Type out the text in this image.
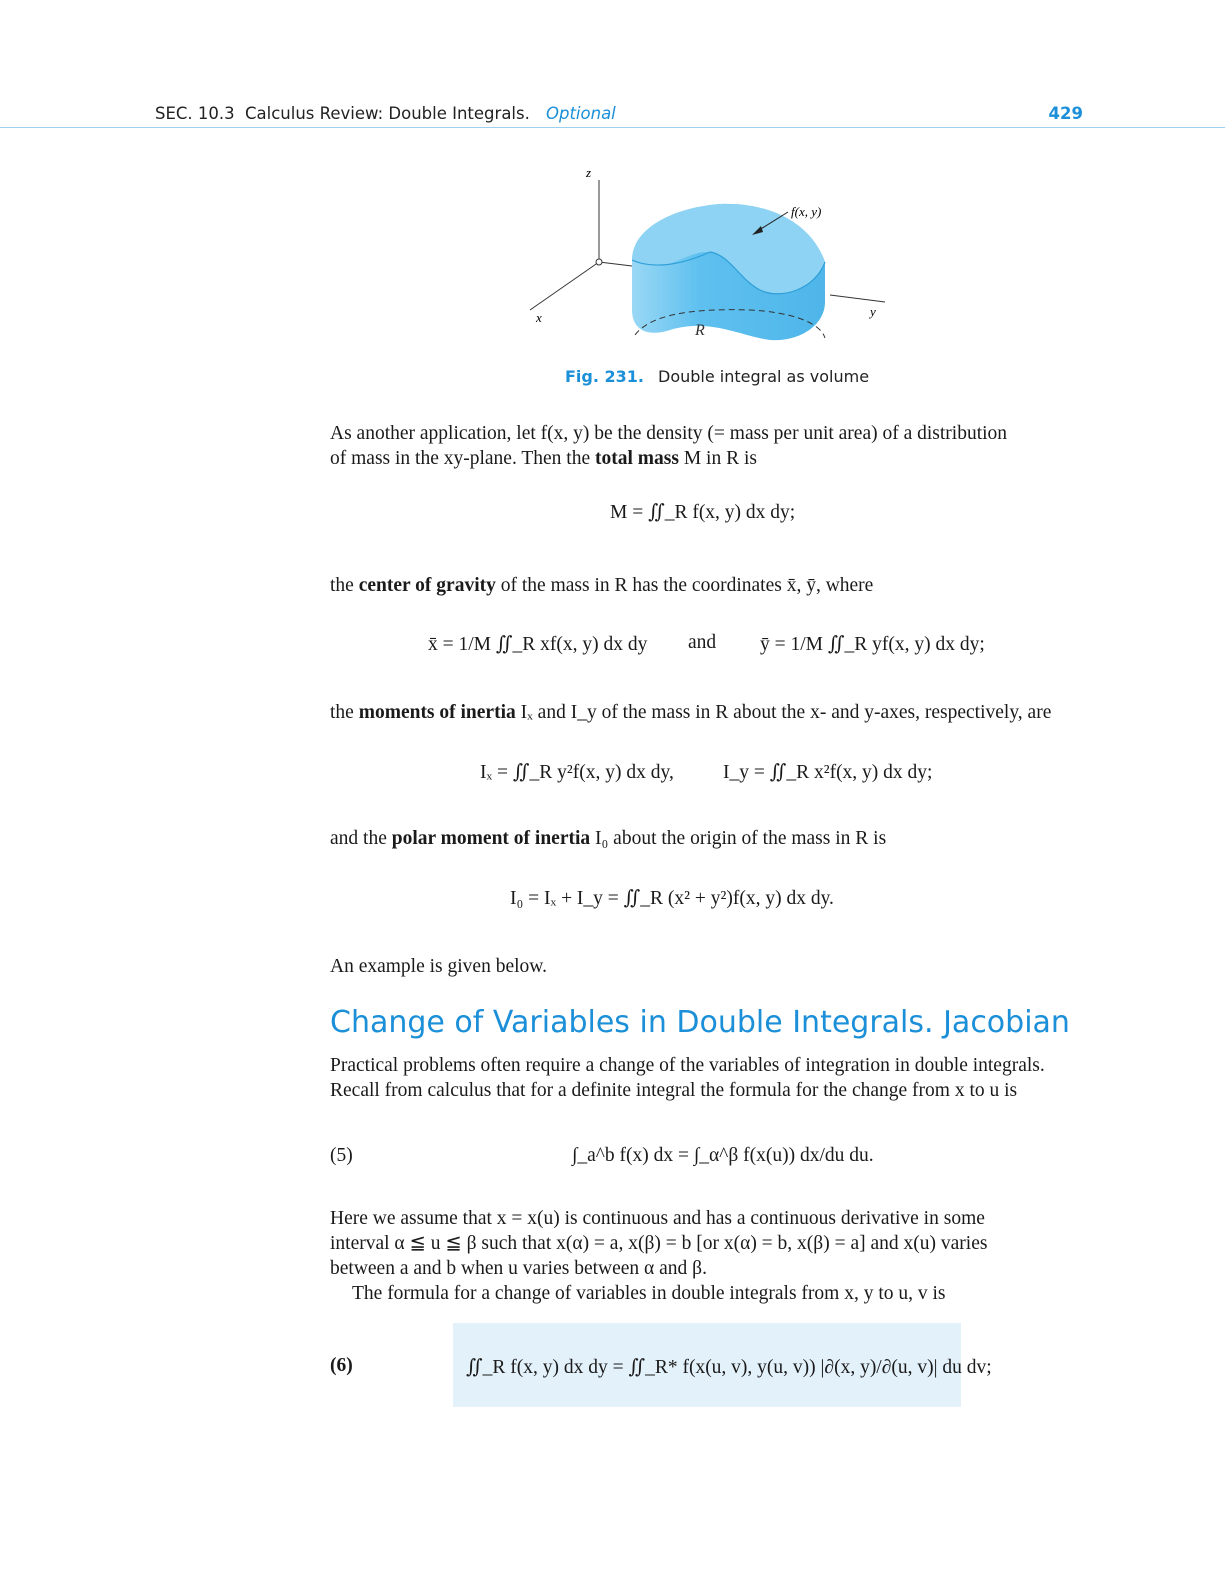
SEC. 10.3 Calculus Review: Double Integrals. Optional	429
z
x	y
f(x, y)
R
Fig. 231. Double integral as volume
As another application, let f(x, y) be the density (= mass per unit area) of a distribution
of mass in the xy-plane. Then the total mass M in R is
M = ∬_R f(x, y) dx dy;
the center of gravity of the mass in R has the coordinates x̄, ȳ, where
x̄ = 1/M ∬_R xf(x, y) dx dy and ȳ = 1/M ∬_R yf(x, y) dx dy;
the moments of inertia Iₓ and I_y of the mass in R about the x- and y-axes, respectively, are
Iₓ = ∬_R y²f(x, y) dx dy,	I_y = ∬_R x²f(x, y) dx dy;
and the polar moment of inertia I₀ about the origin of the mass in R is
I₀ = Iₓ + I_y = ∬_R (x² + y²)f(x, y) dx dy.
An example is given below.
Change of Variables in Double Integrals. Jacobian
Practical problems often require a change of the variables of integration in double integrals.
Recall from calculus that for a definite integral the formula for the change from x to u is
(5)	∫_a^b f(x) dx = ∫_α^β f(x(u)) dx/du du.
Here we assume that x = x(u) is continuous and has a continuous derivative in some
interval α ≦ u ≦ β such that x(α) = a, x(β) = b [or x(α) = b, x(β) = a] and x(u) varies
between a and b when u varies between α and β.
The formula for a change of variables in double integrals from x, y to u, v is
(6)	∬_R f(x, y) dx dy = ∬_R* f(x(u, v), y(u, v)) |∂(x, y)/∂(u, v)| du dv;
